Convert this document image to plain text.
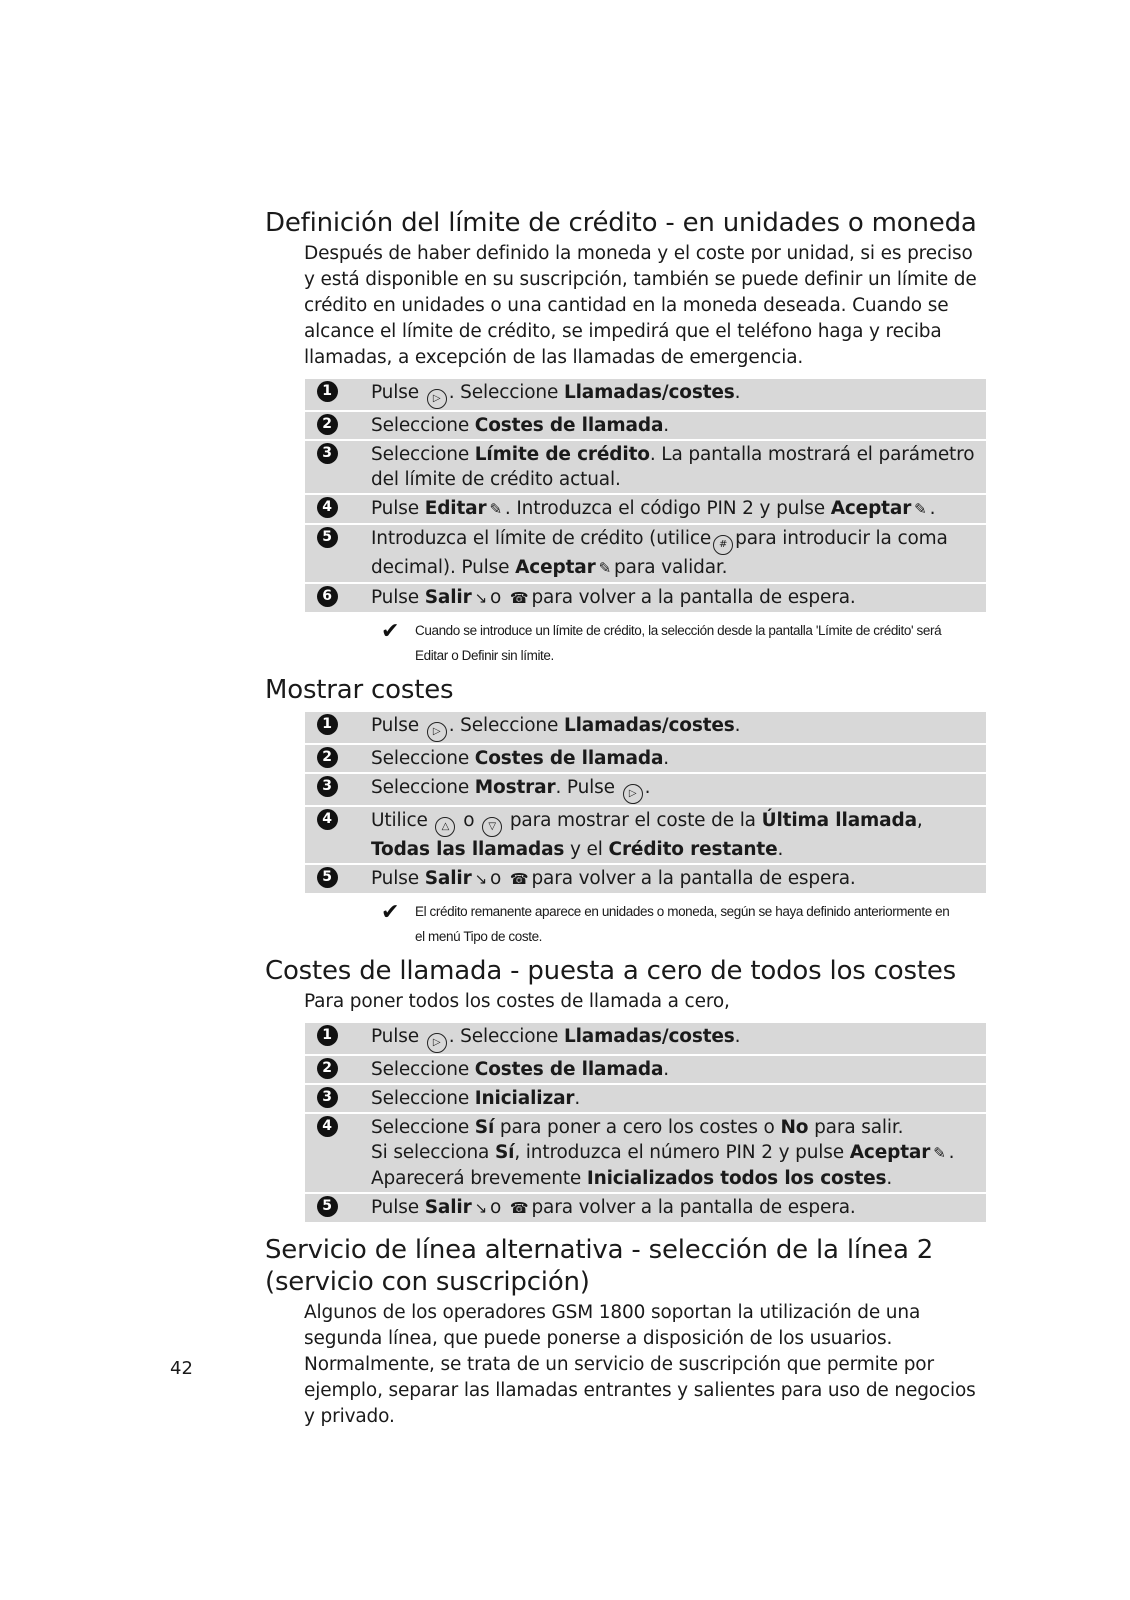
Definición del límite de crédito - en unidades o moneda

Después de haber definido la moneda y el coste por unidad, si es preciso y está disponible en su suscripción, también se puede definir un límite de crédito en unidades o una cantidad en la moneda deseada. Cuando se alcance el límite de crédito, se impedirá que el teléfono haga y reciba llamadas, a excepción de las llamadas de emergencia.

1	Pulse ▷ . Seleccione Llamadas/costes.
2	Seleccione Costes de llamada.
3	Seleccione Límite de crédito. La pantalla mostrará el parámetro del límite de crédito actual.
4	Pulse Editar ✎ . Introduzca el código PIN 2 y pulse Aceptar ✎ .
5	Introduzca el límite de crédito (utilice # para introducir la coma decimal). Pulse Aceptar ✎ para validar.
6	Pulse Salir ↘ o ☎ para volver a la pantalla de espera.
✔	Cuando se introduce un límite de crédito, la selección desde la pantalla 'Límite de crédito' será Editar o Definir sin límite.
Mostrar costes
1	Pulse ▷ . Seleccione Llamadas/costes.
2	Seleccione Costes de llamada.
3	Seleccione Mostrar. Pulse ▷ .
4	Utilice △ o ▽ para mostrar el coste de la Última llamada, Todas las llamadas y el Crédito restante.
5	Pulse Salir ↘ o ☎ para volver a la pantalla de espera.
✔	El crédito remanente aparece en unidades o moneda, según se haya definido anteriormente en el menú Tipo de coste.
Costes de llamada - puesta a cero de todos los costes

Para poner todos los costes de llamada a cero,

1	Pulse ▷ . Seleccione Llamadas/costes.
2	Seleccione Costes de llamada.
3	Seleccione Inicializar.
4	Seleccione Sí para poner a cero los costes o No para salir.
Si selecciona Sí, introduzca el número PIN 2 y pulse Aceptar ✎ .
Aparecerá brevemente Inicializados todos los costes.
5	Pulse Salir ↘ o ☎ para volver a la pantalla de espera.
Servicio de línea alternativa - selección de la línea 2 (servicio con suscripción)

Algunos de los operadores GSM 1800 soportan la utilización de una segunda línea, que puede ponerse a disposición de los usuarios. Normalmente, se trata de un servicio de suscripción que permite por ejemplo, separar las llamadas entrantes y salientes para uso de negocios y privado.

42
